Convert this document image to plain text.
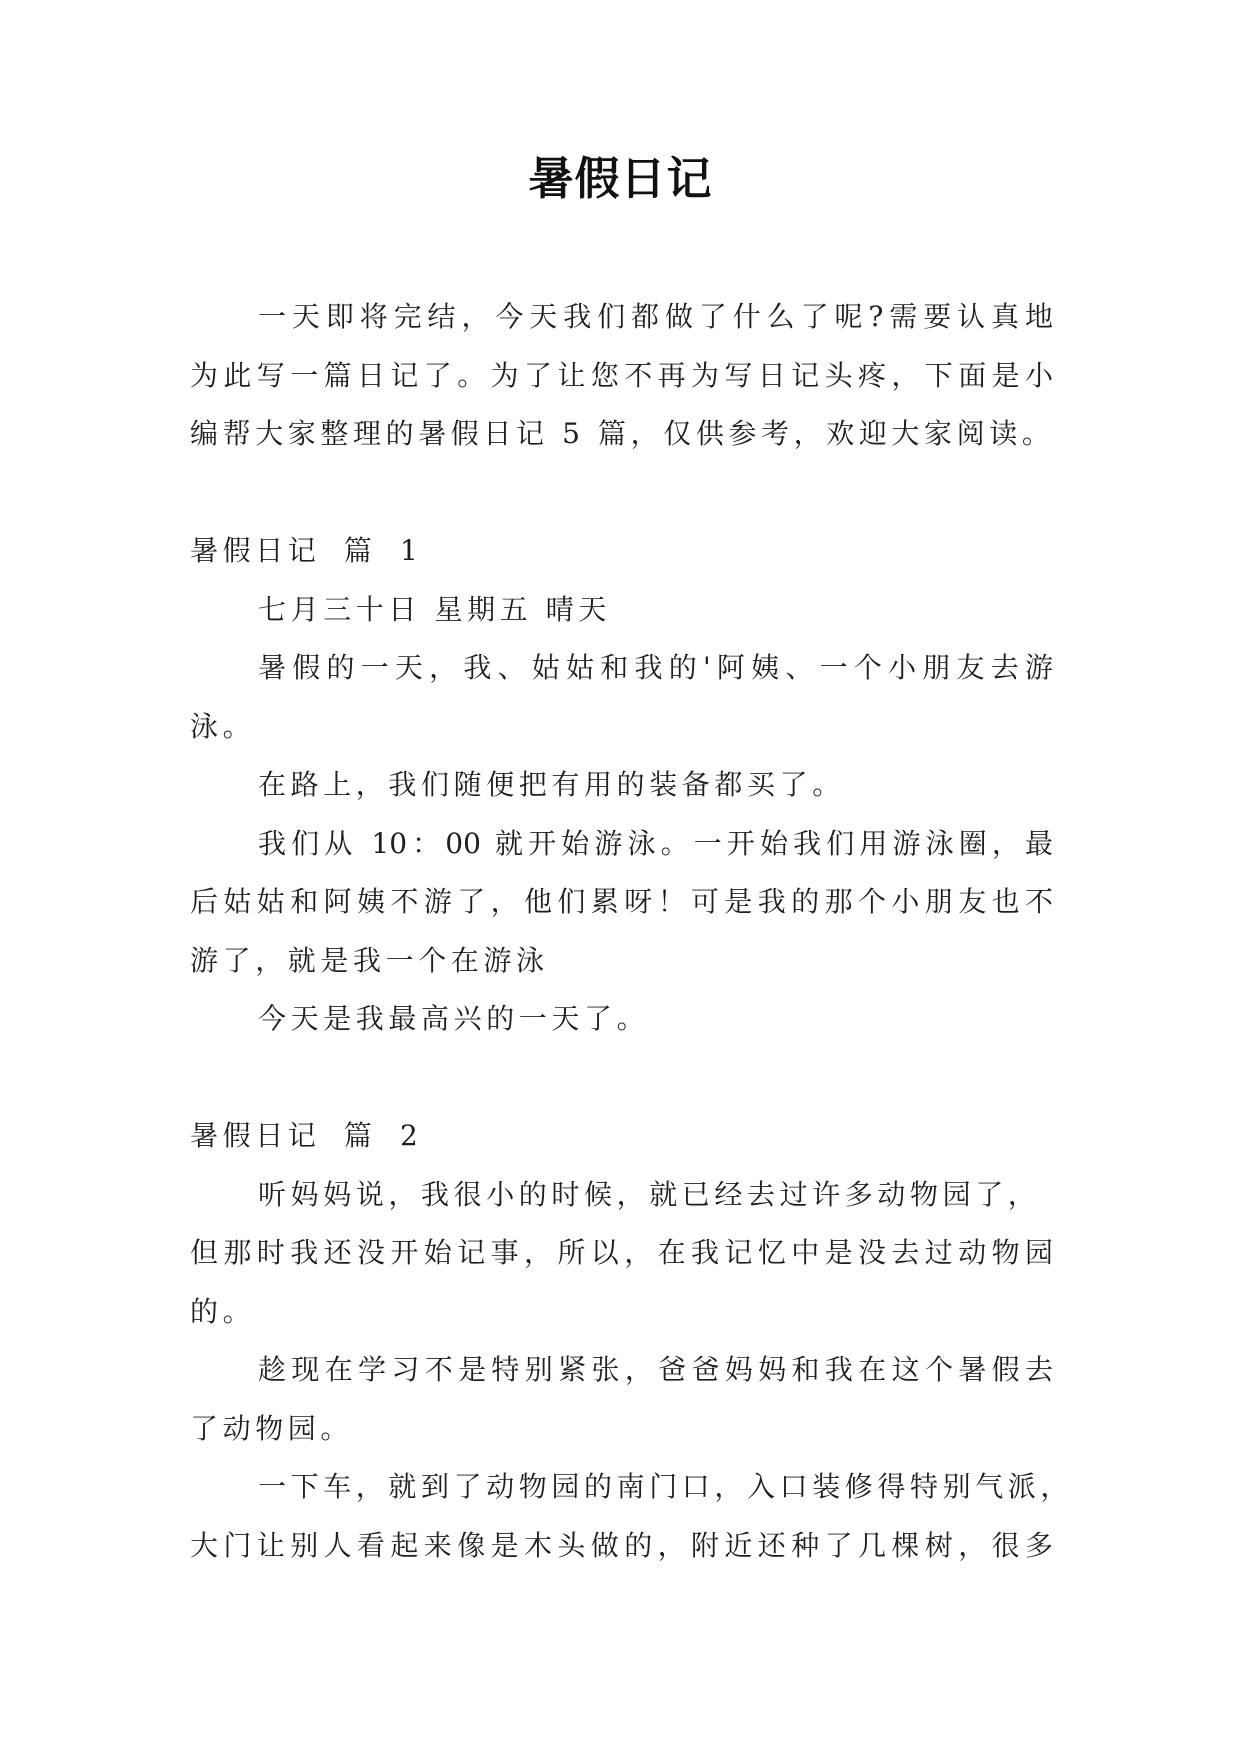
暑假日记
一天即将完结，今天我们都做了什么了呢?需要认真地
为此写一篇日记了。为了让您不再为写日记头疼，下面是小
编帮大家整理的暑假日记 5 篇，仅供参考，欢迎大家阅读。
暑假日记 篇 1
七月三十日 星期五 晴天
暑假的一天，我、姑姑和我的'阿姨、一个小朋友去游
泳。
在路上，我们随便把有用的装备都买了。
我们从 10：00 就开始游泳。一开始我们用游泳圈，最
后姑姑和阿姨不游了，他们累呀！可是我的那个小朋友也不
游了，就是我一个在游泳
今天是我最高兴的一天了。
暑假日记 篇 2
听妈妈说，我很小的时候，就已经去过许多动物园了，
但那时我还没开始记事，所以，在我记忆中是没去过动物园
的。
趁现在学习不是特别紧张，爸爸妈妈和我在这个暑假去
了动物园。
一下车，就到了动物园的南门口，入口装修得特别气派，
大门让别人看起来像是木头做的，附近还种了几棵树，很多
